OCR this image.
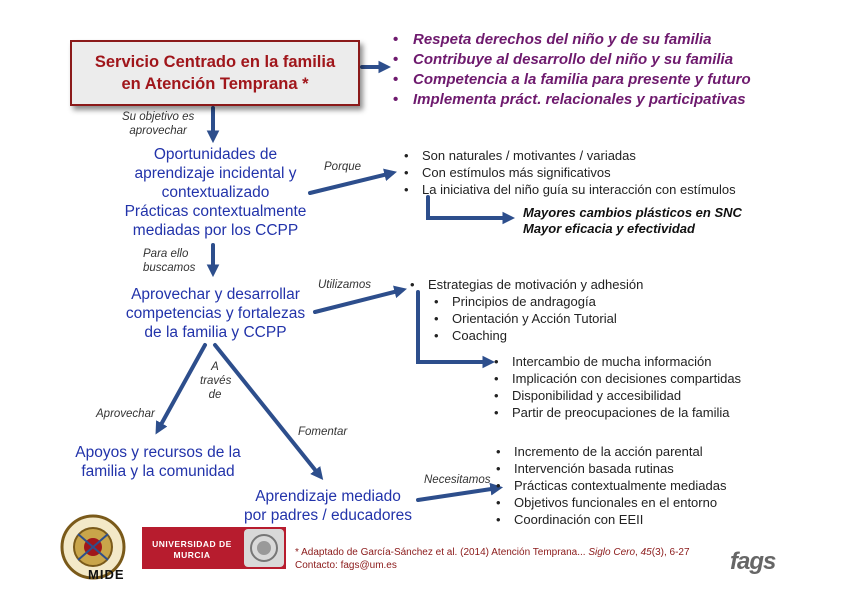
Servicio Centrado en la familia
en Atención Temprana *
• Respeta derechos del niño y de su familia
• Contribuye al desarrollo del niño y su familia
• Competencia a la familia para presente y futuro
• Implementa práct. relacionales y participativas
Su objetivo es
aprovechar
Oportunidades de
aprendizaje incidental y
contextualizado
Prácticas contextualmente
mediadas por los CCPP
Porque
• Son naturales / motivantes / variadas
• Con estímulos más significativos
• La iniciativa del niño guía su interacción con estímulos
Mayores cambios plásticos en SNC
Mayor eficacia y efectividad
Para ello
buscamos
Aprovechar y desarrollar
competencias y fortalezas
de la familia y CCPP
Utilizamos
•	Estrategias de motivación y adhesión
• Principios de andragogía
• Orientación y Acción Tutorial
• Coaching
• Intercambio de mucha información
• Implicación con decisiones compartidas
• Disponibilidad y accesibilidad
• Partir de preocupaciones de la familia
A
través
de
Aprovechar
Fomentar
Apoyos y recursos de la
familia y la comunidad
Aprendizaje mediado
por padres / educadores
Necesitamos
• Incremento de la acción parental
• Intervención basada rutinas
• Prácticas contextualmente mediadas
• Objetivos funcionales en el entorno
• Coordinación con EEII
MIDE
UNIVERSIDAD DE
MURCIA	* Adaptado de García-Sánchez et al. (2014) Atención Temprana... Siglo Cero, 45(3), 6-27
Contacto: fags@um.es	fags
